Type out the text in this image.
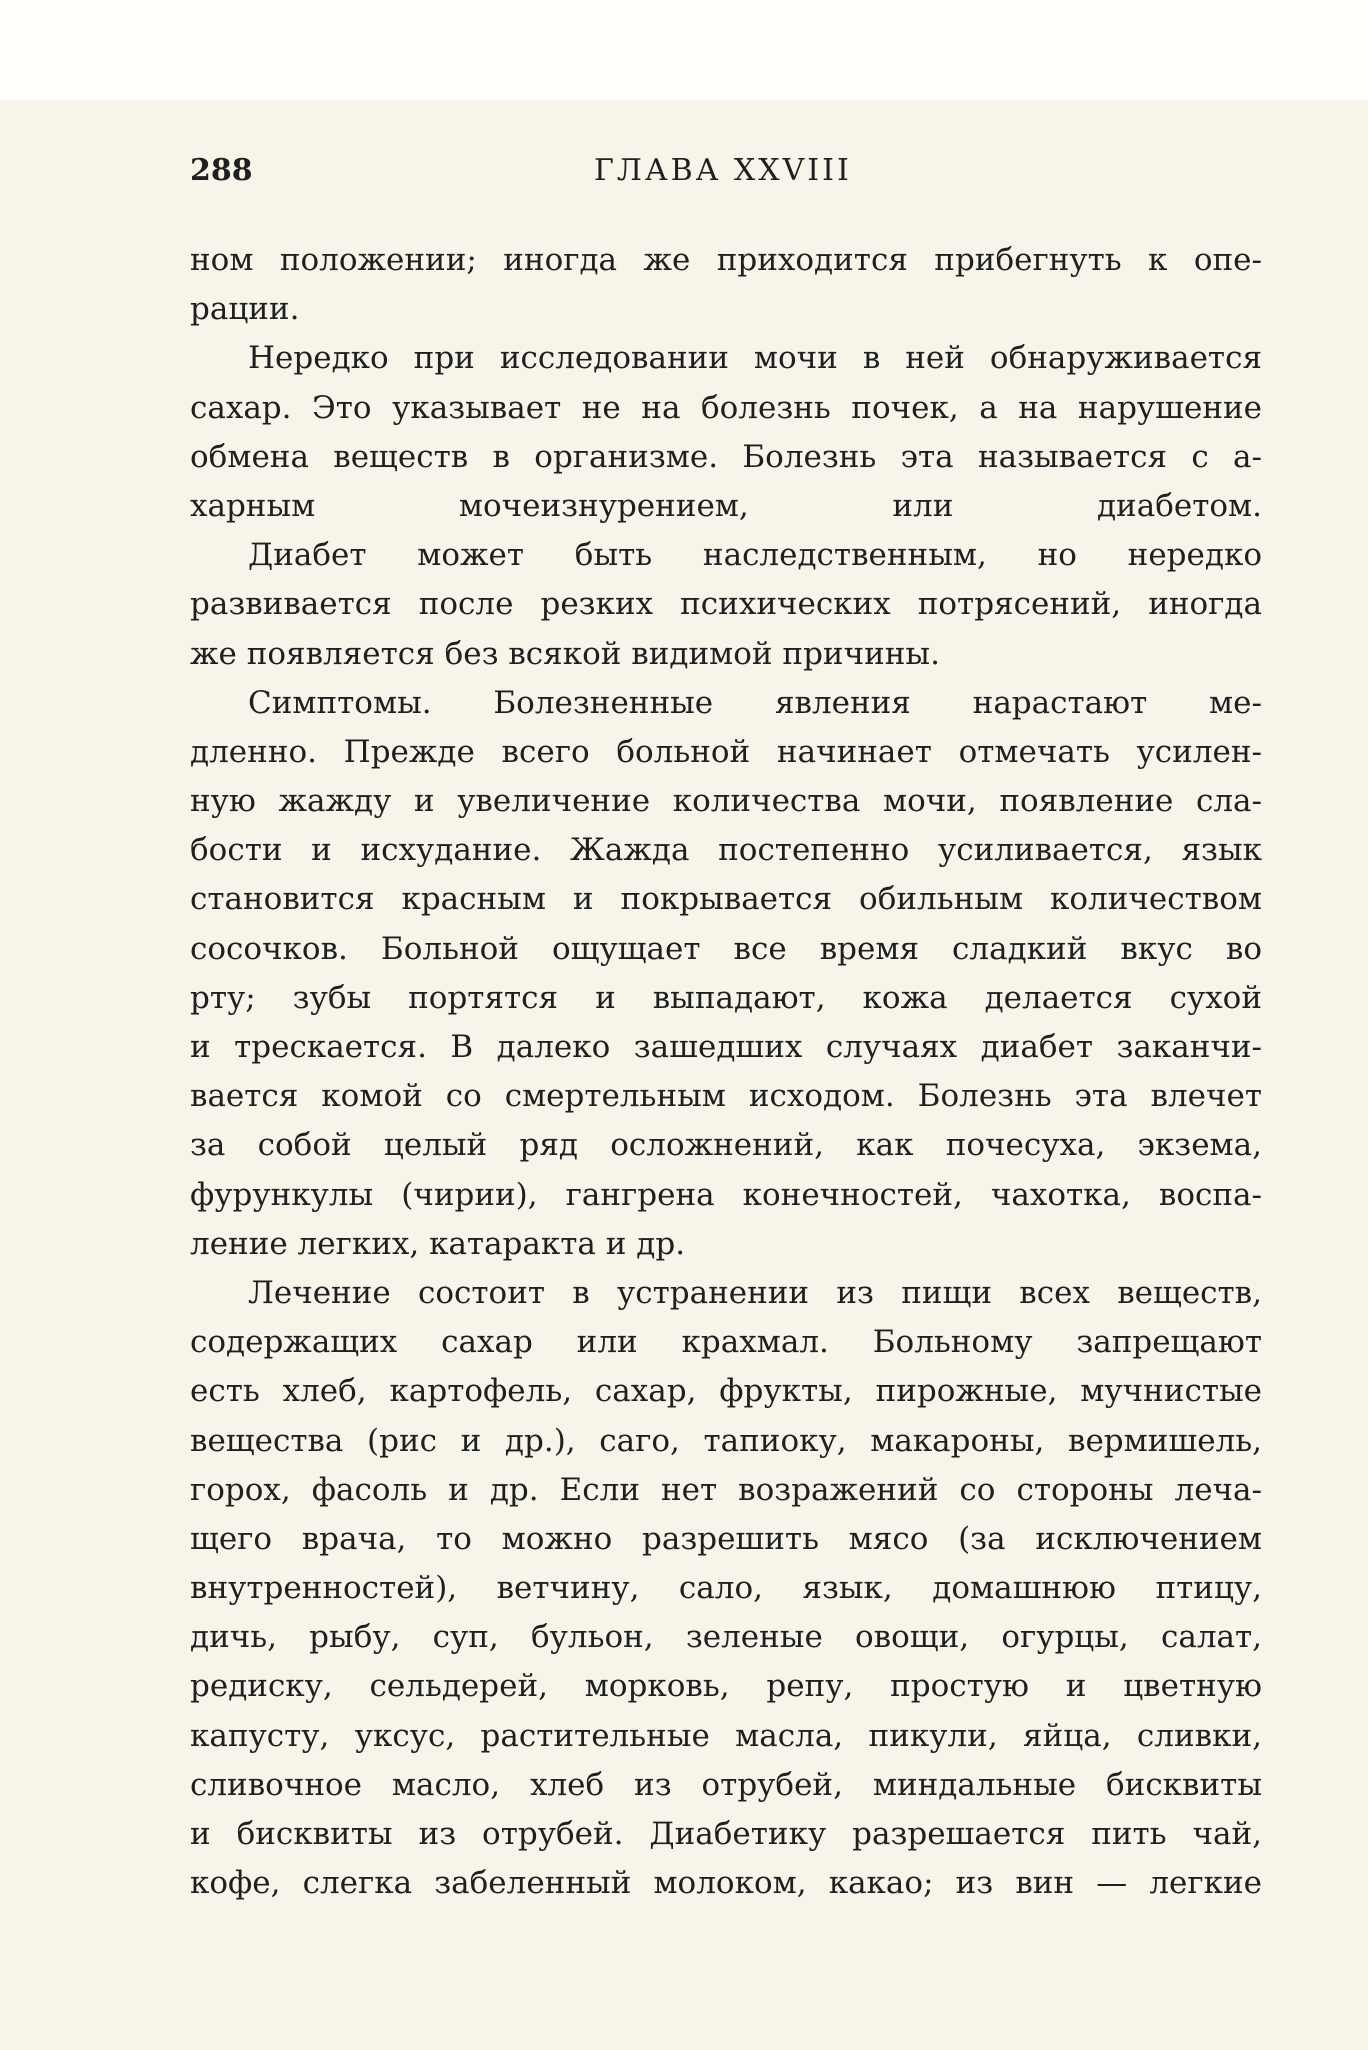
288	ГЛАВА XXVIII
ном положении; иногда же приходится прибегнуть к опе-
рации.
Нередко при исследовании мочи в ней обнаруживается
сахар. Это указывает не на болезнь почек, а на нарушение
обмена веществ в организме. Болезнь эта называется с а-
харным мочеизнурением, или диабетом.
Диабет может быть наследственным, но нередко
развивается после резких психических потрясений, иногда
же появляется без всякой видимой причины.
Симптомы. Болезненные явления нарастают ме-
дленно. Прежде всего больной начинает отмечать усилен-
ную жажду и увеличение количества мочи, появление сла-
бости и исхудание. Жажда постепенно усиливается, язык
становится красным и покрывается обильным количеством
сосочков. Больной ощущает все время сладкий вкус во
рту; зубы портятся и выпадают, кожа делается сухой
и трескается. В далеко зашедших случаях диабет заканчи-
вается комой со смертельным исходом. Болезнь эта влечет
за собой целый ряд осложнений, как почесуха, экзема,
фурункулы (чирии), гангрена конечностей, чахотка, воспа-
ление легких, катаракта и др.
Лечение состоит в устранении из пищи всех веществ,
содержащих сахар или крахмал. Больному запрещают
есть хлеб, картофель, сахар, фрукты, пирожные, мучнистые
вещества (рис и др.), саго, тапиоку, макароны, вермишель,
горох, фасоль и др. Если нет возражений со стороны леча-
щего врача, то можно разрешить мясо (за исключением
внутренностей), ветчину, сало, язык, домашнюю птицу,
дичь, рыбу, суп, бульон, зеленые овощи, огурцы, салат,
редиску, сельдерей, морковь, репу, простую и цветную
капусту, уксус, растительные масла, пикули, яйца, сливки,
сливочное масло, хлеб из отрубей, миндальные бисквиты
и бисквиты из отрубей. Диабетику разрешается пить чай,
кофе, слегка забеленный молоком, какао; из вин — легкие
